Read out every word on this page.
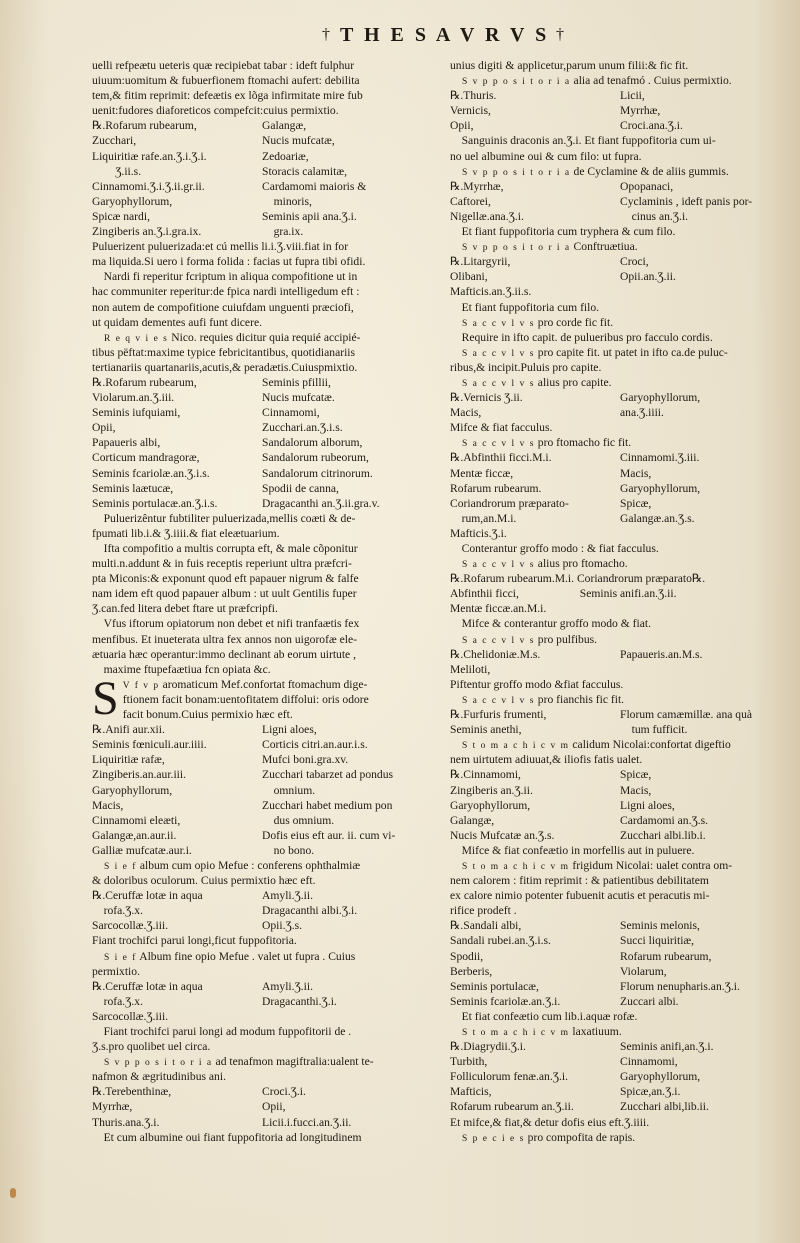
† T H E S A V R V S †
uelli refpeætu ueteris quæ recipiebat tabar : ideft fulphur
uiuum:uomitum & fubuerfionem ftomachi aufert: debilita
tem,& fitim reprimit: defeætis ex lõga infirmitate mire fub
uenit:fudores diaforeticos compefcit:cuius permixtio.
℞.Rofarum rubearum,	Galangæ,
Zucchari,	Nucis mufcatæ,
Liquiritiæ rafe.an.Ʒ.i.Ʒ.i.	Zedoariæ,
  Ʒ.ii.s.	Storacis calamitæ,
Cinnamomi.Ʒ.i.Ʒ.ii.gr.ii.	Cardamomi maioris &
Garyophyllorum,	 minoris,
Spicæ nardi,	Seminis apii ana.Ʒ.i.
Zingiberis an.Ʒ.i.gra.ix.	 gra.ix.
Puluerizent puluerizada:et cú mellis li.i.Ʒ.viii.fiat in for
ma liquida.Si uero i forma folida : facias ut fupra tibi ofidi.
 Nardi fi reperitur fcriptum in aliqua compofitione ut in
hac communiter reperitur:de fpica nardi intelligedum eft :
non autem de compofitione cuiufdam unguenti præciofi,
ut quidam dementes aufi funt dicere.
R e q v i e s Nico. requies dicitur quia requié accipié-
tibus pëftat:maxime typice febricitantibus, quotidianariis
tertianariis quartanariis,acutis,& peradætis.Cuiuspmixtio.
℞.Rofarum rubearum,	Seminis pfillii,
Violarum.an.Ʒ.iii.	Nucis mufcatæ.
Seminis iufquiami,	Cinnamomi,
Opii,	Zucchari.an.Ʒ.i.s.
Papaueris albi,	Sandalorum alborum,
Corticum mandragoræ,	Sandalorum rubeorum,
Seminis fcariolæ.an.Ʒ.i.s.	Sandalorum citrinorum.
Seminis laætucæ,	Spodii de canna,
Seminis portulacæ.an.Ʒ.i.s.	Dragacanthi an.Ʒ.ii.gra.v.
 Puluerizêntur fubtiliter puluerizada,mellis coæti & de-
fpumati lib.i.& Ʒ.iiii.& fiat eleætuarium.
 Ifta compofitio a multis corrupta eft, & male cõponitur
multi.n.addunt & in fuis receptis reperiunt ultra præfcri-
pta Miconis:& exponunt quod eft papauer nigrum & falfe
nam idem eft quod papauer album : ut uult Gentilis fuper
Ʒ.can.fed litera debet ftare ut præfcripfi.
 Vfus iftorum opiatorum non debet et nifi tranfaætis fex
menfibus. Et inueterata ultra fex annos non uigorofæ ele-
ætuaria hæc operantur:immo declinant ab eorum uirtute ,
 maxime ftupefaætiua fcn opiata &c.
S V f v p aromaticum Mef.confortat ftomachum dige-
ftionem facit bonam:uentofitatem diffolui: oris odore
facit bonum.Cuius permixio hæc eft.
℞.Anifi aur.xii.	Ligni aloes,
Seminis fœniculi.aur.iiii.	Corticis citri.an.aur.i.s.
Liquiritiæ rafæ,	Mufci boni.gra.xv.
Zingiberis.an.aur.iii.	Zucchari tabarzet ad pondus
Garyophyllorum,	 omnium.
Macis,	Zucchari habet medium pon
Cinnamomi eleæti,	 dus omnium.
Galangæ,an.aur.ii.	Dofis eius eft aur. ii. cum vi-
Galliæ mufcatæ.aur.i.	 no bono.
S i e f album cum opio Mefue : conferens ophthalmiæ
& doloribus oculorum. Cuius permixtio hæc eft.
℞.Ceruffæ lotæ in aqua	Amyli.Ʒ.ii.
 rofa.Ʒ.x.	Dragacanthi albi.Ʒ.i.
Sarcocollæ.Ʒ.iii.	Opii.Ʒ.s.
Fiant trochifci parui longi,ficut fuppofitoria.
S i e f Album fine opio Mefue . valet ut fupra . Cuius
permixtio.
℞.Ceruffæ lotæ in aqua	Amyli.Ʒ.ii.
 rofa.Ʒ.x.	Dragacanthi.Ʒ.i.
Sarcocollæ.Ʒ.iii.
 Fiant trochifci parui longi ad modum fuppofitorii de .
Ʒ.s.pro quolibet uel circa.
S v p p o s i t o r i a ad tenafmon magiftralia:ualent te-
nafmon & ægritudinibus ani.
℞.Terebenthinæ,	Croci.Ʒ.i.
Myrrhæ,	Opii,
Thuris.ana.Ʒ.i.	Licii.i.fucci.an.Ʒ.ii.
 Et cum albumine oui fiant fuppofitoria ad longitudinem
unius digiti & applicetur,parum unum filii:& fic fit.
S v p p o s i t o r i a alia ad tenafmó . Cuius permixtio.
℞.Thuris.	Licii,
Vernicis,	Myrrhæ,
Opii,	Croci.ana.Ʒ.i.
 Sanguinis draconis an.Ʒ.i. Et fiant fuppofitoria cum ui-
no uel albumine oui & cum filo: ut fupra.
S v p p o s i t o r i a de Cyclamine & de aliis gummis.
℞.Myrrhæ,	Opopanaci,
Caftorei,	Cyclaminis , ideft panis por-
Nigellæ.ana.Ʒ.i.	 cinus an.Ʒ.i.
 Et fiant fuppofitoria cum tryphera & cum filo.
S v p p o s i t o r i a Conftruætiua.
℞.Litargyrii,	Croci,
Olibani,	Opii.an.Ʒ.ii.
Mafticis.an.Ʒ.ii.s.
 Et fiant fuppofitoria cum filo.
S a c c v l v s pro corde fic fit.
 Require in ifto capit. de pulueribus pro facculo cordis.
S a c c v l v s pro capite fit. ut patet in ifto ca.de puluc-
ribus,& incipit.Puluis pro capite.
S a c c v l v s alius pro capite.
℞.Vernicis Ʒ.ii.	Garyophyllorum,
Macis,	ana.Ʒ.iiii.
Mifce & fiat facculus.
S a c c v l v s pro ftomacho fic fit.
℞.Abfinthii ficci.M.i.	Cinnamomi.Ʒ.iii.
Mentæ ficcæ,	Macis,
Rofarum rubearum.	Garyophyllorum,
Coriandrorum præparato-	Spicæ,
 rum,an.M.i.	Galangæ.an.Ʒ.s.
Mafticis.Ʒ.i.
 Conterantur groffo modo : & fiat facculus.
S a c c v l v s alius pro ftomacho.
℞.Rofarum rubearum.M.i. Coriandrorum præparato℞.
Abfinthii ficci,      Seminis anifi.an.Ʒ.ii.
Mentæ ficcæ.an.M.i.
 Mifce & conterantur groffo modo & fiat.
S a c c v l v s pro pulfibus.
℞.Chelidoniæ.M.s.	Papaueris.an.M.s.
Meliloti,
Piftentur groffo modo &fiat facculus.
S a c c v l v s pro fianchis fic fit.
℞.Furfuris frumenti,	Florum camæmillæ. ana quà
Seminis anethi,	 tum fufficit.
S t o m a c h i c v m calidum Nicolai:confortat digeftio
nem uirtutem adiuuat,& iliofis fatis ualet.
℞.Cinnamomi,	Spicæ,
Zingiberis an.Ʒ.ii.	Macis,
Garyophyllorum,	Ligni aloes,
Galangæ,	Cardamomi an.Ʒ.s.
Nucis Mufcatæ an.Ʒ.s.	Zucchari albi.lib.i.
 Mifce & fiat confeætio in morfellis aut in puluere.
S t o m a c h i c v m frigidum Nicolai: ualet contra om-
nem calorem : fitim reprimit : & patientibus debilitatem
ex calore nimio potenter fubuenit acutis et peracutis mi-
rifice prodeft .
℞.Sandali albi,	Seminis melonis,
Sandali rubei.an.Ʒ.i.s.	Succi liquiritiæ,
Spodii,	Rofarum rubearum,
Berberis,	Violarum,
Seminis portulacæ,	Florum nenupharis.an.Ʒ.i.
Seminis fcariolæ.an.Ʒ.i.	Zuccari albi.
 Et fiat confeætio cum lib.i.aquæ rofæ.
S t o m a c h i c v m laxatiuum.
℞.Diagrydii.Ʒ.i.	Seminis anifi,an.Ʒ.i.
Turbith,	Cinnamomi,
Folliculorum fenæ.an.Ʒ.i.	Garyophyllorum,
Mafticis,	Spicæ,an.Ʒ.i.
Rofarum rubearum an.Ʒ.ii.	Zucchari albi,lib.ii.
Et mifce,& fiat,& detur dofis eius eft.Ʒ.iiii.
S p e c i e s pro compofita de rapis.
